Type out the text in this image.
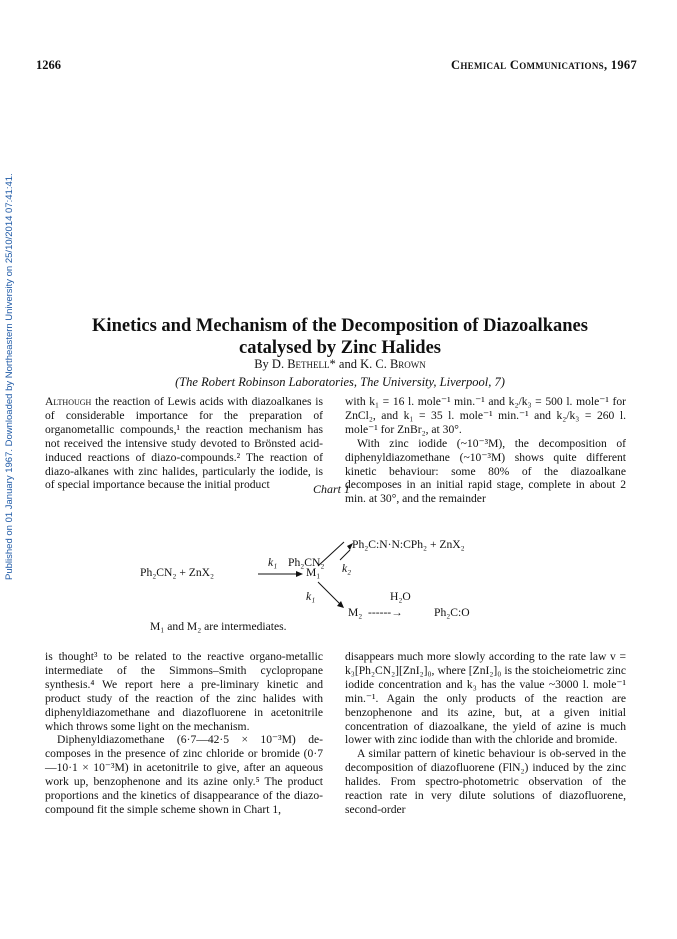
1266	Chemical Communications, 1967
Published on 01 January 1967. Downloaded by Northeastern University on 25/10/2014 07:41:41.	Kinetics and Mechanism of the Decomposition of Diazoalkanes
catalysed by Zinc Halides
By D. Bethell* and K. C. Brown
(The Robert Robinson Laboratories, The University, Liverpool, 7)

Although the reaction of Lewis acids with diazoalkanes is of considerable importance for the preparation of organometallic compounds,¹ the reaction mechanism has not received the intensive study devoted to Brönsted acid-induced reactions of diazo-compounds.² The reaction of diazo-alkanes with zinc halides, particularly the iodide, is of special importance because the initial product

with k₁ = 16 l. mole⁻¹ min.⁻¹ and k₂/k₃ = 500 l. mole⁻¹ for ZnCl₂, and k₁ = 35 l. mole⁻¹ min.⁻¹ and k₂/k₃ = 260 l. mole⁻¹ for ZnBr₂, at 30°.

With zinc iodide (~10⁻³M), the decomposition of diphenyldiazomethane (~10⁻³M) shows quite different kinetic behaviour: some 80% of the diazoalkane decomposes in an initial rapid stage, complete in about 2 min. at 30°, and the remainder

Chart 1
Ph₂C:N·N:CPh₂ + ZnX₂
Ph₂CN₂ k₂
k₁
Ph₂CN₂ + ZnX₂	M₁
k₁	H₂O
M₂ ------→	Ph₂C:O
M₁ and M₂ are intermediates.

is thought³ to be related to the reactive organo-metallic intermediate of the Simmons–Smith cyclopropane synthesis.⁴ We report here a pre-liminary kinetic and product study of the reaction of the zinc halides with diphenyldiazomethane and diazofluorene in acetonitrile which throws some light on the mechanism.

Diphenyldiazomethane (6·7—42·5 × 10⁻³M) de-composes in the presence of zinc chloride or bromide (0·7—10·1 × 10⁻³M) in acetonitrile to give, after an aqueous work up, benzophenone and its azine only.⁵ The product proportions and the kinetics of disappearance of the diazo-compound fit the simple scheme shown in Chart 1,

disappears much more slowly according to the rate law v = k₃[Ph₂CN₂][ZnI₂]₀, where [ZnI₂]₀ is the stoicheiometric zinc iodide concentration and k₃ has the value ~3000 l. mole⁻¹ min.⁻¹. Again the only products of the reaction are benzophenone and its azine, but, at a given initial concentration of diazoalkane, the yield of azine is much lower with zinc iodide than with the chloride and bromide.

A similar pattern of kinetic behaviour is ob-served in the decomposition of diazofluorene (FlN₂) induced by the zinc halides. From spectro-photometric observation of the reaction rate in very dilute solutions of diazofluorene, second-order
